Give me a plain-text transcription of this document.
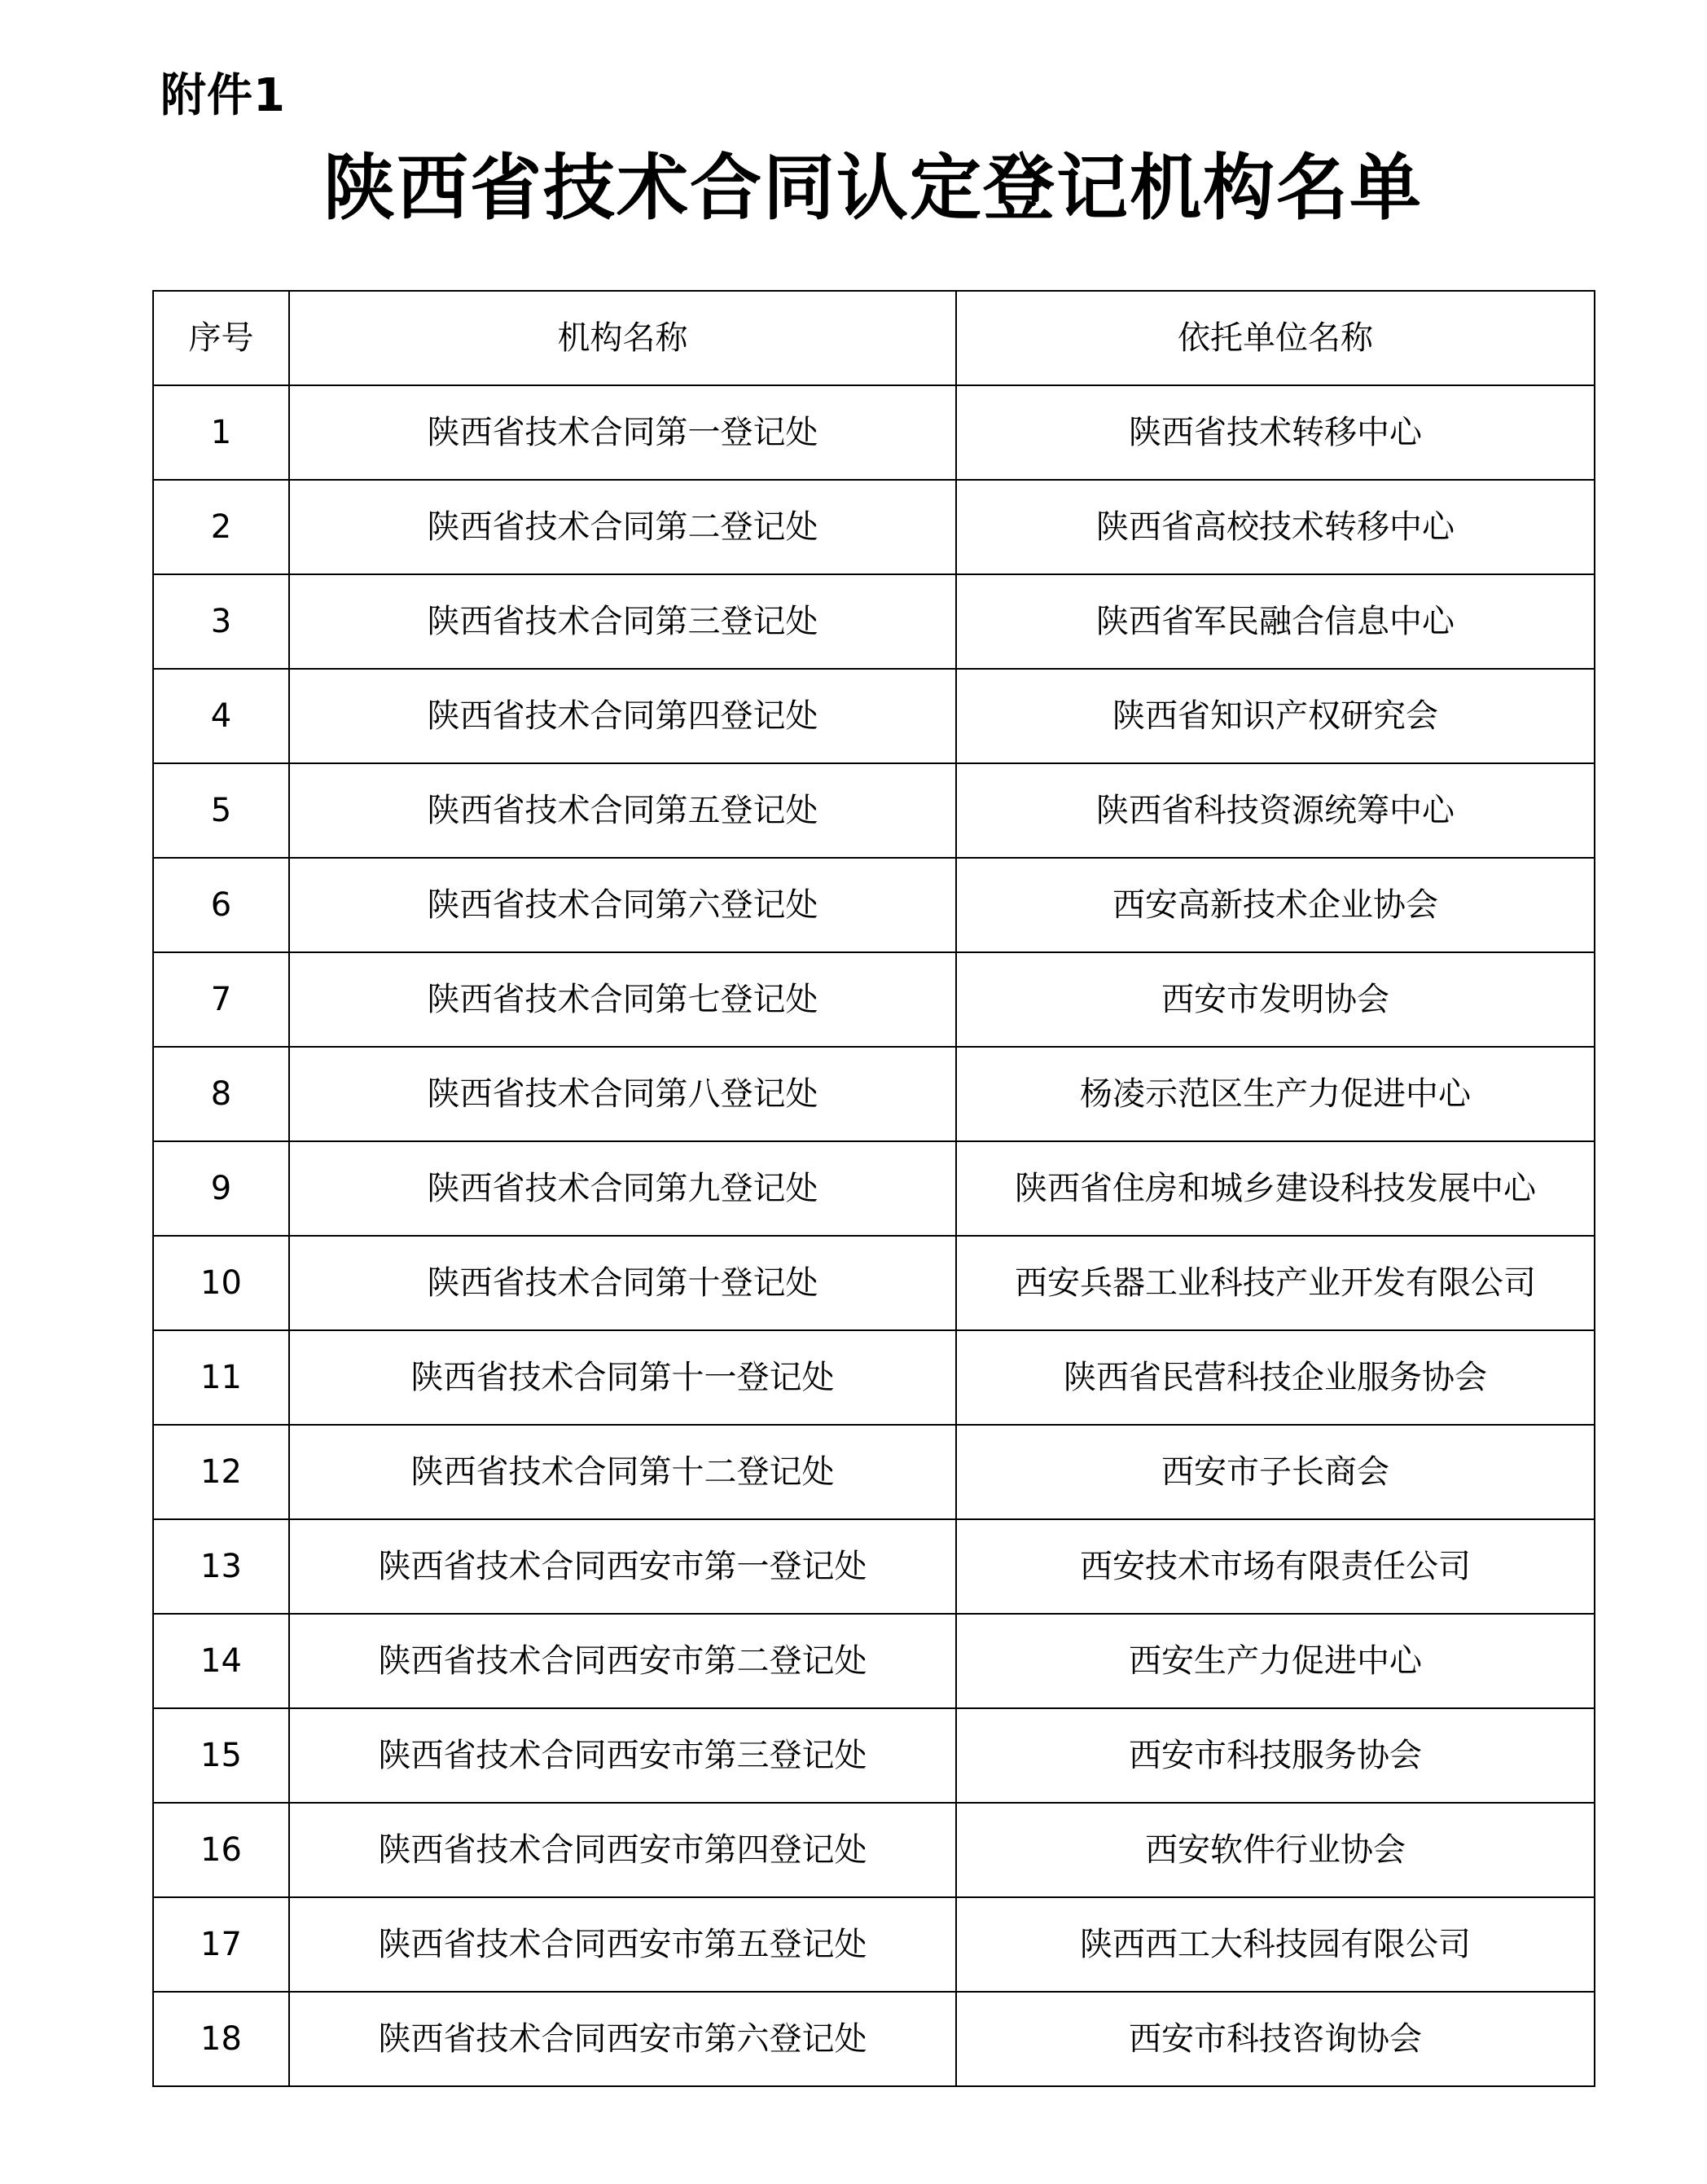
附件1
陕西省技术合同认定登记机构名单
序号	机构名称	依托单位名称
1	陕西省技术合同第一登记处	陕西省技术转移中心
2	陕西省技术合同第二登记处	陕西省高校技术转移中心
3	陕西省技术合同第三登记处	陕西省军民融合信息中心
4	陕西省技术合同第四登记处	陕西省知识产权研究会
5	陕西省技术合同第五登记处	陕西省科技资源统筹中心
6	陕西省技术合同第六登记处	西安高新技术企业协会
7	陕西省技术合同第七登记处	西安市发明协会
8	陕西省技术合同第八登记处	杨凌示范区生产力促进中心
9	陕西省技术合同第九登记处	陕西省住房和城乡建设科技发展中心
10	陕西省技术合同第十登记处	西安兵器工业科技产业开发有限公司
11	陕西省技术合同第十一登记处	陕西省民营科技企业服务协会
12	陕西省技术合同第十二登记处	西安市子长商会
13	陕西省技术合同西安市第一登记处	西安技术市场有限责任公司
14	陕西省技术合同西安市第二登记处	西安生产力促进中心
15	陕西省技术合同西安市第三登记处	西安市科技服务协会
16	陕西省技术合同西安市第四登记处	西安软件行业协会
17	陕西省技术合同西安市第五登记处	陕西西工大科技园有限公司
18	陕西省技术合同西安市第六登记处	西安市科技咨询协会
